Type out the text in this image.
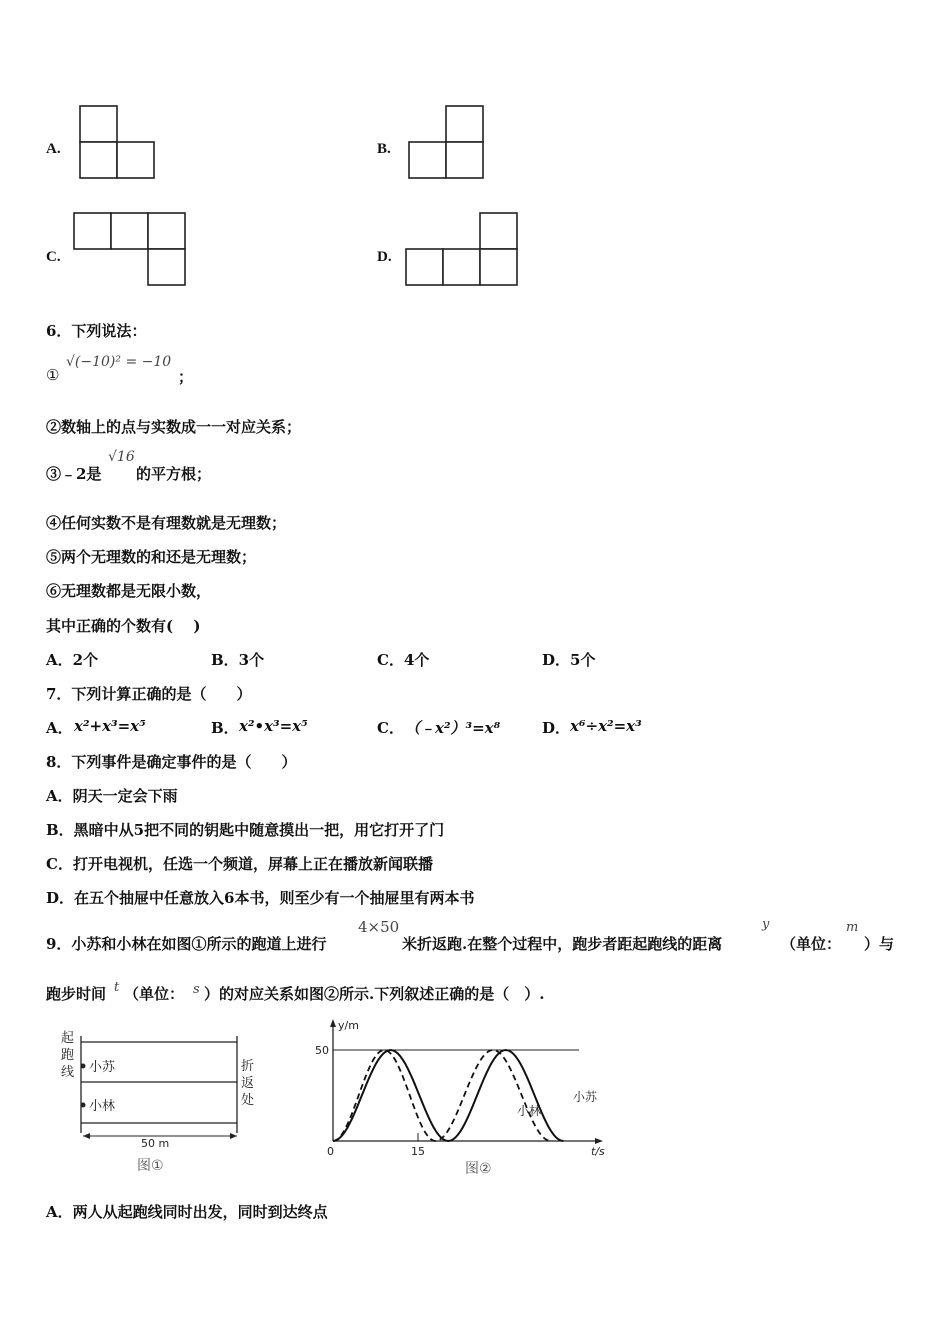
A.	B.
C.	D.
6．下列说法：
①
√(−10)² = −10
；
②数轴上的点与实数成一一对应关系；
③﹣2是
√16
的平方根；
④任何实数不是有理数就是无理数；
⑤两个无理数的和还是无理数；
⑥无理数都是无限小数，
其中正确的个数有(　 )
A．2个	B．3个	C．4个	D．5个
7．下列计算正确的是（　　）
A． x²+x³=x⁵	B． x²•x³=x⁵	C． （﹣x²）³=x⁸	D． x⁶÷x²=x³
8．下列事件是确定事件的是（　　）
A．阴天一定会下雨
B．黑暗中从5把不同的钥匙中随意摸出一把，用它打开了门
C．打开电视机，任选一个频道，屏幕上正在播放新闻联播
D．在五个抽屉中任意放入6本书，则至少有一个抽屉里有两本书
9．小苏和小林在如图①所示的跑道上进行
4×50
米折返跑.在整个过程中，跑步者距起跑线的距离
y
（单位：
m
）与
跑步时间 t （单位： s ）的对应关系如图②所示.下列叙述正确的是（　）.
起
跑
线	折
返
处
小苏
小林
50 m
图①
y/m
t/s
50
15
0
小苏
小林
图②
A．两人从起跑线同时出发，同时到达终点
